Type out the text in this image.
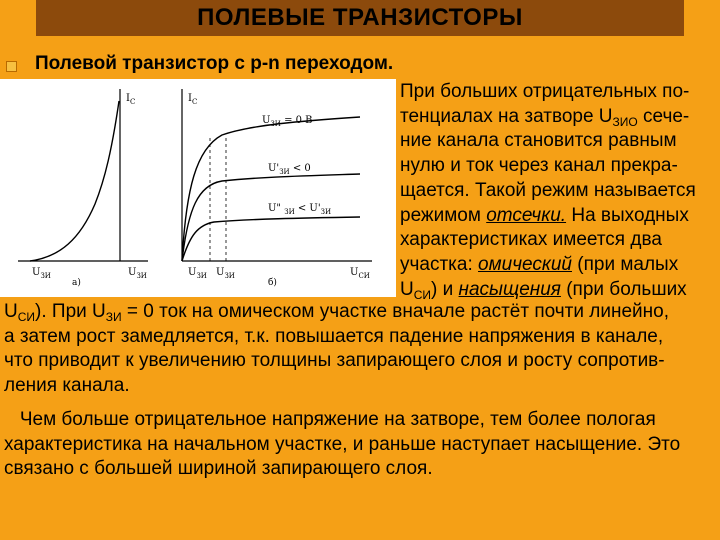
ПОЛЕВЫЕ ТРАНЗИСТОРЫ
Полевой транзистор с p-n переходом.
$I_С$
$U_{ЗИ}$
$U_{ЗИ}$
а)
$I_С$
$U_{ЗИ} = 0$ В
$U'_{ЗИ} < 0$
U" $_{ЗИ} < U'_{ЗИ}$
$U_{ЗИ}$ $U_{ЗИ}$	$U_{СИ}$
б)
При больших отрицательных по-
тенциалах на затворе $U_{ЗИО}$ сече-
ние канала становится равным
нулю и ток через канал прекра-
щается. Такой режим называется
режимом отсечки. На выходных
характеристиках имеется два
участка: омический (при малых
$U_{СИ}$) и насыщения (при больших
$U_{СИ}$). При $U_{ЗИ} = 0$ ток на омическом участке вначале растёт почти линейно,
а затем рост замедляется, т.к. повышается падение напряжения в канале,
что приводит к увеличению толщины запирающего слоя и росту сопротив-
ления канала.
Чем больше отрицательное напряжение на затворе, тем более пологая
характеристика на начальном участке, и раньше наступает насыщение. Это
связано с большей шириной запирающего слоя.
